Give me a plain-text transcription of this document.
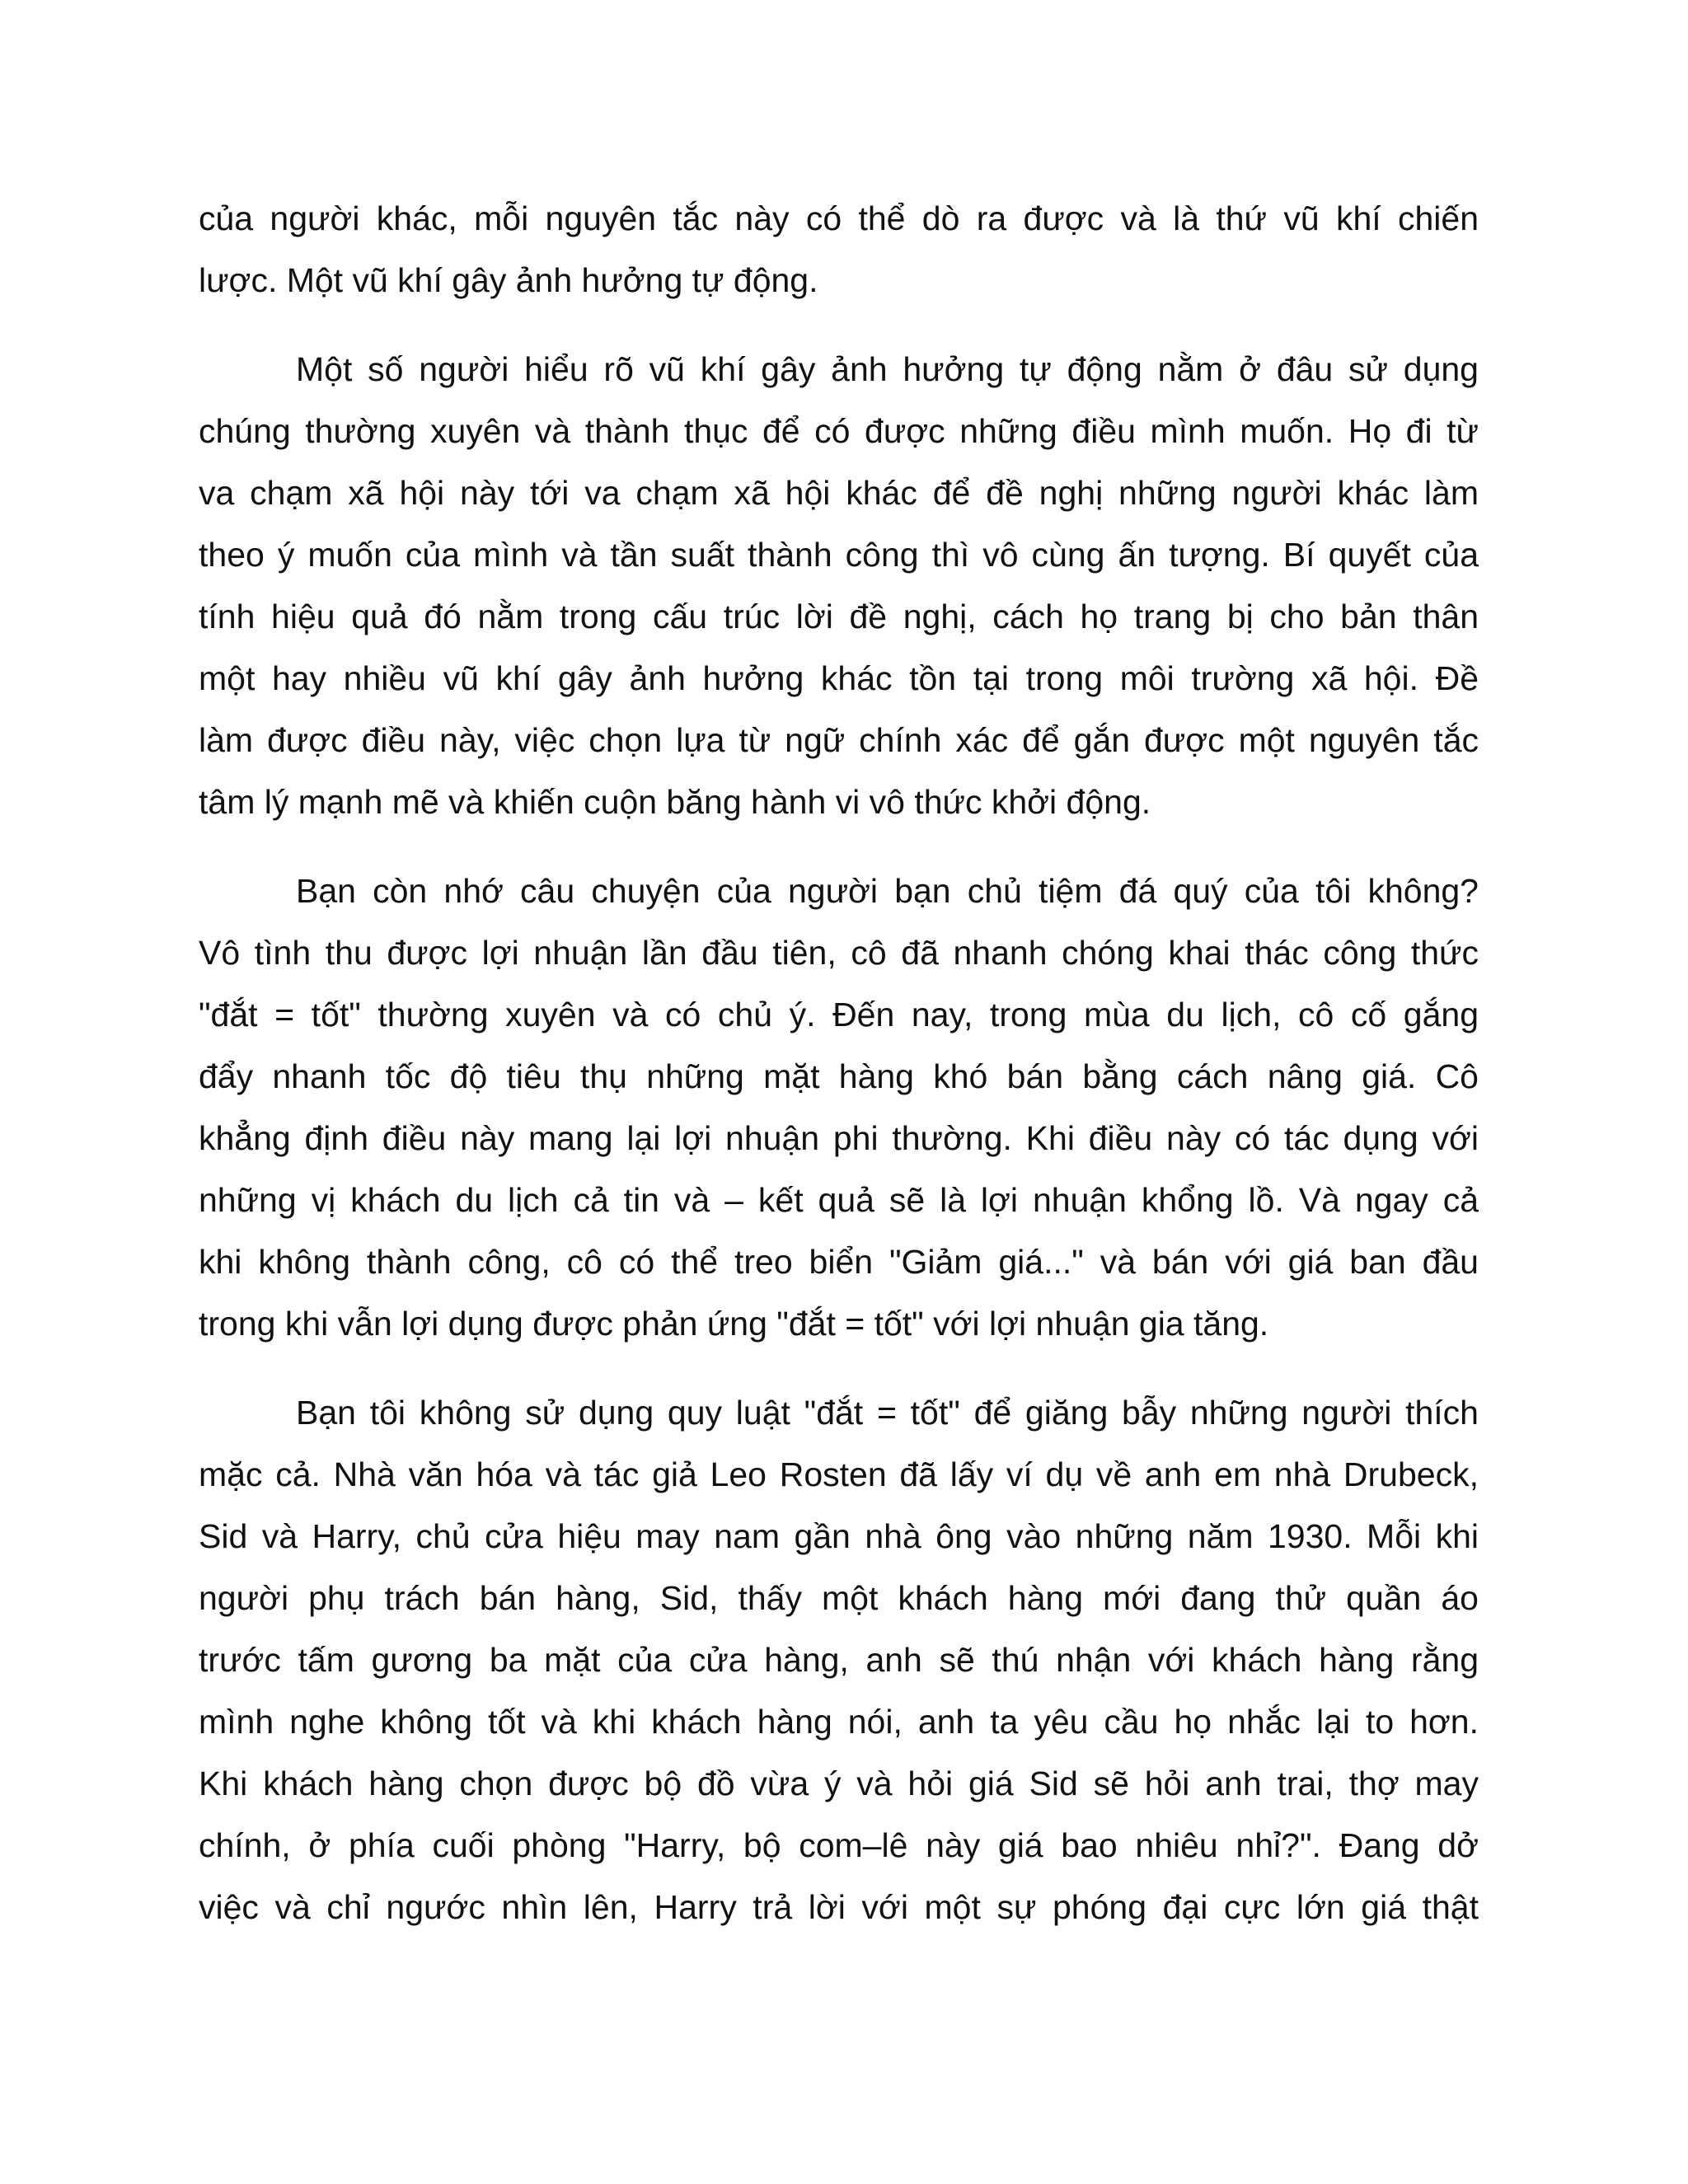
của người khác, mỗi nguyên tắc này có thể dò ra được và là thứ vũ khí chiến
lược. Một vũ khí gây ảnh hưởng tự động.
Một số người hiểu rõ vũ khí gây ảnh hưởng tự động nằm ở đâu sử dụng
chúng thường xuyên và thành thục để có được những điều mình muốn. Họ đi từ
va chạm xã hội này tới va chạm xã hội khác để đề nghị những người khác làm
theo ý muốn của mình và tần suất thành công thì vô cùng ấn tượng. Bí quyết của
tính hiệu quả đó nằm trong cấu trúc lời đề nghị, cách họ trang bị cho bản thân
một hay nhiều vũ khí gây ảnh hưởng khác tồn tại trong môi trường xã hội. Đề
làm được điều này, việc chọn lựa từ ngữ chính xác để gắn được một nguyên tắc
tâm lý mạnh mẽ và khiến cuộn băng hành vi vô thức khởi động.
Bạn còn nhớ câu chuyện của người bạn chủ tiệm đá quý của tôi không?
Vô tình thu được lợi nhuận lần đầu tiên, cô đã nhanh chóng khai thác công thức
"đắt = tốt" thường xuyên và có chủ ý. Đến nay, trong mùa du lịch, cô cố gắng
đẩy nhanh tốc độ tiêu thụ những mặt hàng khó bán bằng cách nâng giá. Cô
khẳng định điều này mang lại lợi nhuận phi thường. Khi điều này có tác dụng với
những vị khách du lịch cả tin và – kết quả sẽ là lợi nhuận khổng lồ. Và ngay cả
khi không thành công, cô có thể treo biển "Giảm giá..." và bán với giá ban đầu
trong khi vẫn lợi dụng được phản ứng "đắt = tốt" với lợi nhuận gia tăng.
Bạn tôi không sử dụng quy luật "đắt = tốt" để giăng bẫy những người thích
mặc cả. Nhà văn hóa và tác giả Leo Rosten đã lấy ví dụ về anh em nhà Drubeck,
Sid và Harry, chủ cửa hiệu may nam gần nhà ông vào những năm 1930. Mỗi khi
người phụ trách bán hàng, Sid, thấy một khách hàng mới đang thử quần áo
trước tấm gương ba mặt của cửa hàng, anh sẽ thú nhận với khách hàng rằng
mình nghe không tốt và khi khách hàng nói, anh ta yêu cầu họ nhắc lại to hơn.
Khi khách hàng chọn được bộ đồ vừa ý và hỏi giá Sid sẽ hỏi anh trai, thợ may
chính, ở phía cuối phòng "Harry, bộ com–lê này giá bao nhiêu nhỉ?". Đang dở
việc và chỉ ngước nhìn lên, Harry trả lời với một sự phóng đại cực lớn giá thật
